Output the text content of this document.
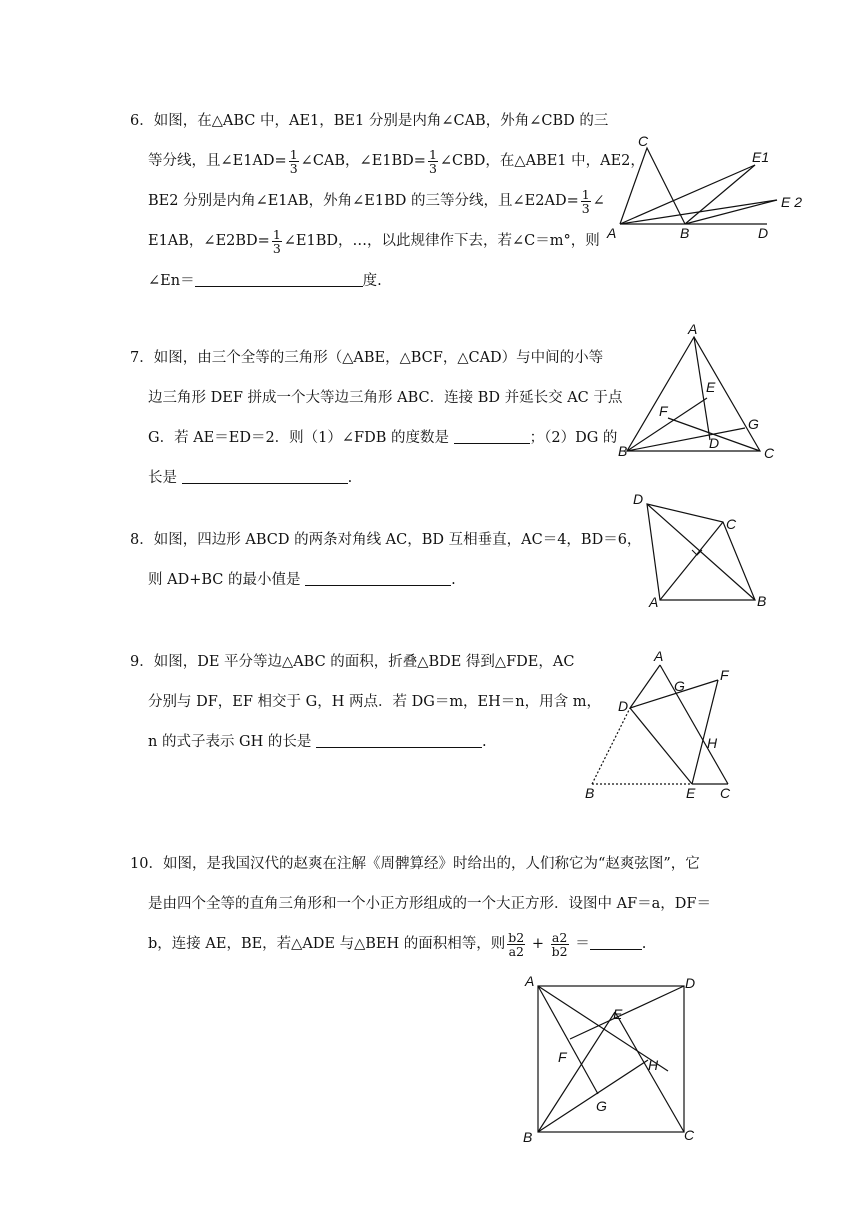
6．如图，在△ABC 中，AE1，BE1 分别是内角∠CAB，外角∠CBD 的三
等分线，且∠E1AD= $\frac{1}{3}$ ∠CAB，∠E1BD= $\frac{1}{3}$ ∠CBD，在△ABE1 中，AE2，
BE2 分别是内角∠E1AB，外角∠E1BD 的三等分线，且∠E2AD= $\frac{1}{3}$ ∠
E1AB，∠E2BD= $\frac{1}{3}$ ∠E1BD，…，以此规律作下去，若∠C＝m°，则
∠En＝	度.
C
E1
E 2
A	B	D
7．如图，由三个全等的三角形（△ABE，△BCF，△CAD）与中间的小等
边三角形 DEF 拼成一个大等边三角形 ABC．连接 BD 并延长交 AC 于点
G．若 AE＝ED＝2．则（1）∠FDB 的度数是	；（2）DG 的
长是	.
A
E
F
G
D
B	C
8．如图，四边形 ABCD 的两条对角线 AC，BD 互相垂直，AC＝4，BD＝6，
则 AD+BC 的最小值是	.
D
C
A	B
9．如图，DE 平分等边△ABC 的面积，折叠△BDE 得到△FDE，AC
分别与 DF，EF 相交于 G，H 两点．若 DG＝m，EH＝n，用含 m，
n 的式子表示 GH 的长是	.
A
G
F
D
H
B	E C
10．如图，是我国汉代的赵爽在注解《周髀算经》时给出的，人们称它为“赵爽弦图”，它
是由四个全等的直角三角形和一个小正方形组成的一个大正方形．设图中 AF＝a，DF＝
b，连接 AE，BE，若△ADE 与△BEH 的面积相等，则 $\frac{b2}{a2} + \frac{a2}{b2}$ ＝	.
A	D
E
F	H
G
B	C
